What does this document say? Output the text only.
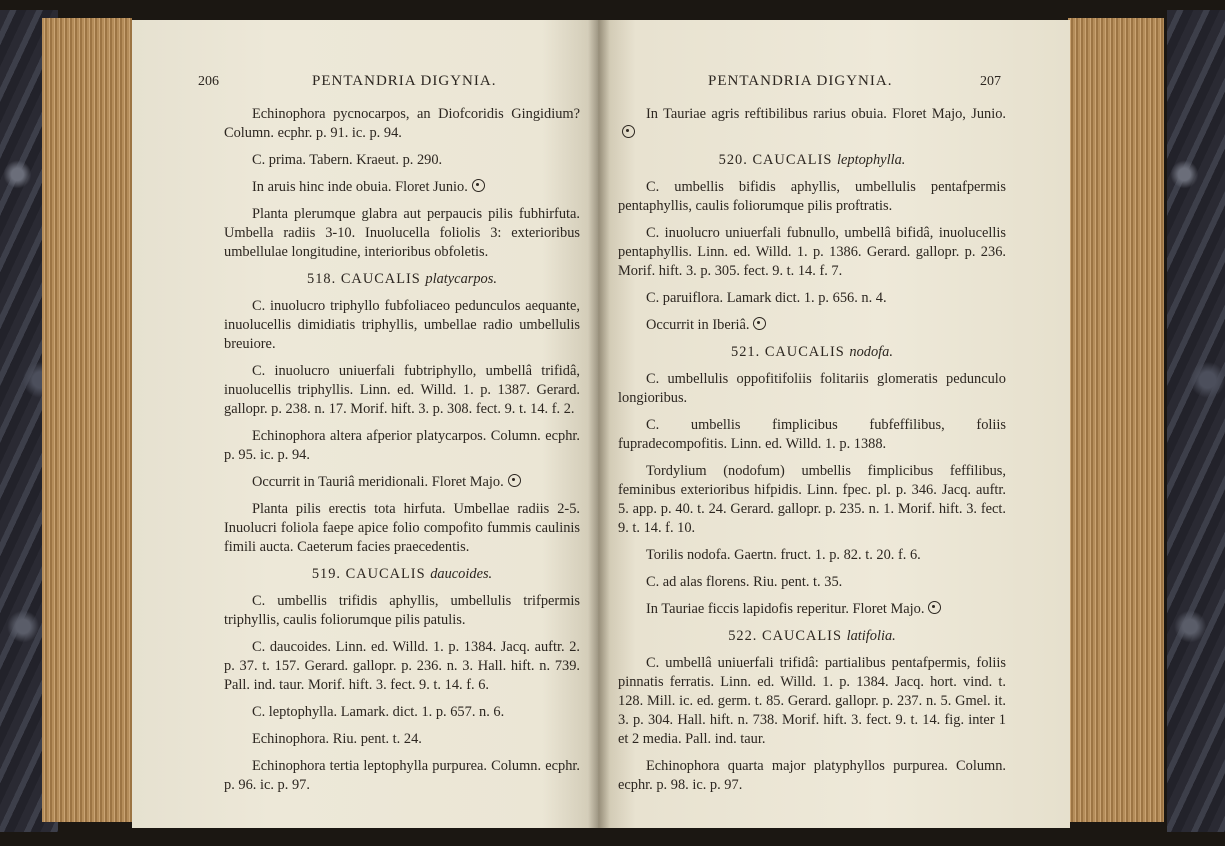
206	PENTANDRIA DIGYNIA.

Echinophora pycnocarpos, an Diofcoridis Gingidium? Column. ecphr. p. 91. ic. p. 94.

C. prima. Tabern. Kraeut. p. 290.

In aruis hinc inde obuia. Floret Junio.

Planta plerumque glabra aut perpaucis pilis fubhirfuta. Umbella radiis 3-10. Inuolucella foliolis 3: exterioribus umbellulae longitudine, interioribus obfoletis.

518. CAUCALIS platycarpos.

C. inuolucro triphyllo fubfoliaceo pedunculos aequante, inuolucellis dimidiatis triphyllis, umbellae radio umbellulis breuiore.

C. inuolucro uniuerfali fubtriphyllo, umbellâ trifidâ, inuolucellis triphyllis. Linn. ed. Willd. 1. p. 1387. Gerard. gallopr. p. 238. n. 17. Morif. hift. 3. p. 308. fect. 9. t. 14. f. 2.

Echinophora altera afperior platycarpos. Column. ecphr. p. 95. ic. p. 94.

Occurrit in Tauriâ meridionali. Floret Majo.

Planta pilis erectis tota hirfuta. Umbellae radiis 2-5. Inuolucri foliola faepe apice folio compofito fummis caulinis fimili aucta. Caeterum facies praecedentis.

519. CAUCALIS daucoides.

C. umbellis trifidis aphyllis, umbellulis trifpermis triphyllis, caulis foliorumque pilis patulis.

C. daucoides. Linn. ed. Willd. 1. p. 1384. Jacq. auftr. 2. p. 37. t. 157. Gerard. gallopr. p. 236. n. 3. Hall. hift. n. 739. Pall. ind. taur. Morif. hift. 3. fect. 9. t. 14. f. 6.

C. leptophylla. Lamark. dict. 1. p. 657. n. 6.

Echinophora. Riu. pent. t. 24.

Echinophora tertia leptophylla purpurea. Column. ecphr. p. 96. ic. p. 97.

PENTANDRIA DIGYNIA.	207

In Tauriae agris reftibilibus rarius obuia. Floret Majo, Junio.

520. CAUCALIS leptophylla.

C. umbellis bifidis aphyllis, umbellulis pentafpermis pentaphyllis, caulis foliorumque pilis proftratis.

C. inuolucro uniuerfali fubnullo, umbellâ bifidâ, inuolucellis pentaphyllis. Linn. ed. Willd. 1. p. 1386. Gerard. gallopr. p. 236. Morif. hift. 3. p. 305. fect. 9. t. 14. f. 7.

C. paruiflora. Lamark dict. 1. p. 656. n. 4.

Occurrit in Iberiâ.

521. CAUCALIS nodofa.

C. umbellulis oppofitifoliis folitariis glomeratis pedunculo longioribus.

C. umbellis fimplicibus fubfeffilibus, foliis fupradecompofitis. Linn. ed. Willd. 1. p. 1388.

Tordylium (nodofum) umbellis fimplicibus feffilibus, feminibus exterioribus hifpidis. Linn. fpec. pl. p. 346. Jacq. auftr. 5. app. p. 40. t. 24. Gerard. gallopr. p. 235. n. 1. Morif. hift. 3. fect. 9. t. 14. f. 10.

Torilis nodofa. Gaertn. fruct. 1. p. 82. t. 20. f. 6.

C. ad alas florens. Riu. pent. t. 35.

In Tauriae ficcis lapidofis reperitur. Floret Majo.

522. CAUCALIS latifolia.

C. umbellâ uniuerfali trifidâ: partialibus pentafpermis, foliis pinnatis ferratis. Linn. ed. Willd. 1. p. 1384. Jacq. hort. vind. t. 128. Mill. ic. ed. germ. t. 85. Gerard. gallopr. p. 237. n. 5. Gmel. it. 3. p. 304. Hall. hift. n. 738. Morif. hift. 3. fect. 9. t. 14. fig. inter 1 et 2 media. Pall. ind. taur.

Echinophora quarta major platyphyllos purpurea. Column. ecphr. p. 98. ic. p. 97.
